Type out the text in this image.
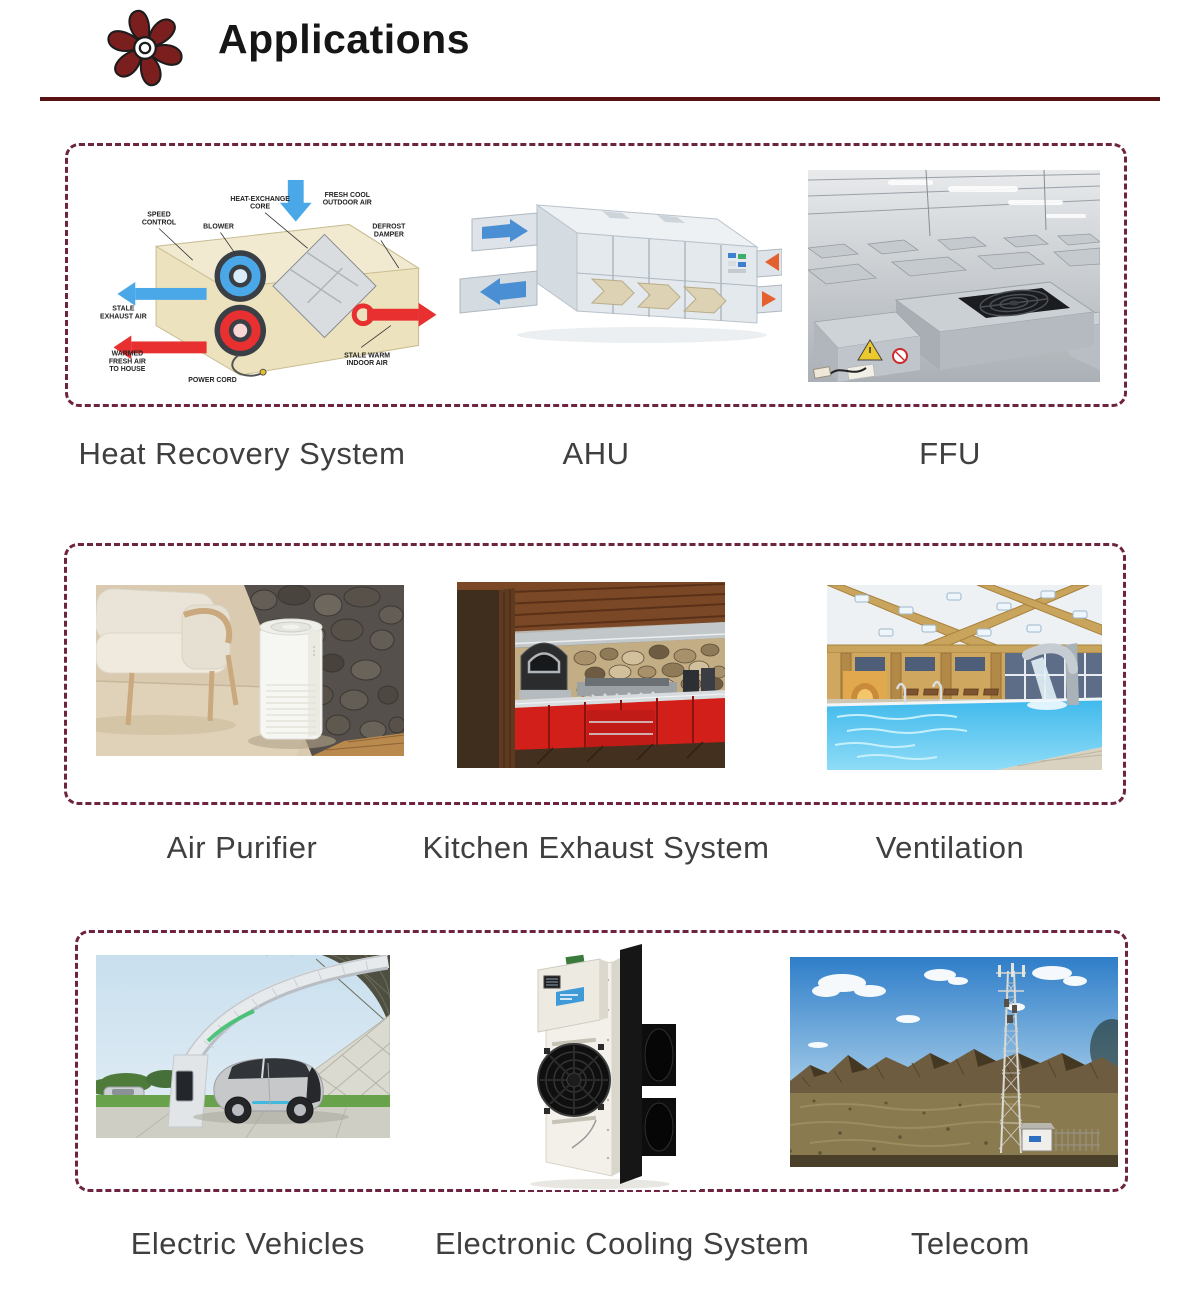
Applications
SPEED
CONTROL
BLOWER
HEAT-EXCHANGE
CORE
FRESH COOL
OUTDOOR AIR
DEFROST
DAMPER
STALE
EXHAUST AIR
WARMED
FRESH AIR
TO HOUSE
POWER CORD
STALE WARM
INDOOR AIR
Heat Recovery System	AHU	FFU
Air Purifier	Kitchen Exhaust System	Ventilation
Electric Vehicles	Electronic Cooling System	Telecom
